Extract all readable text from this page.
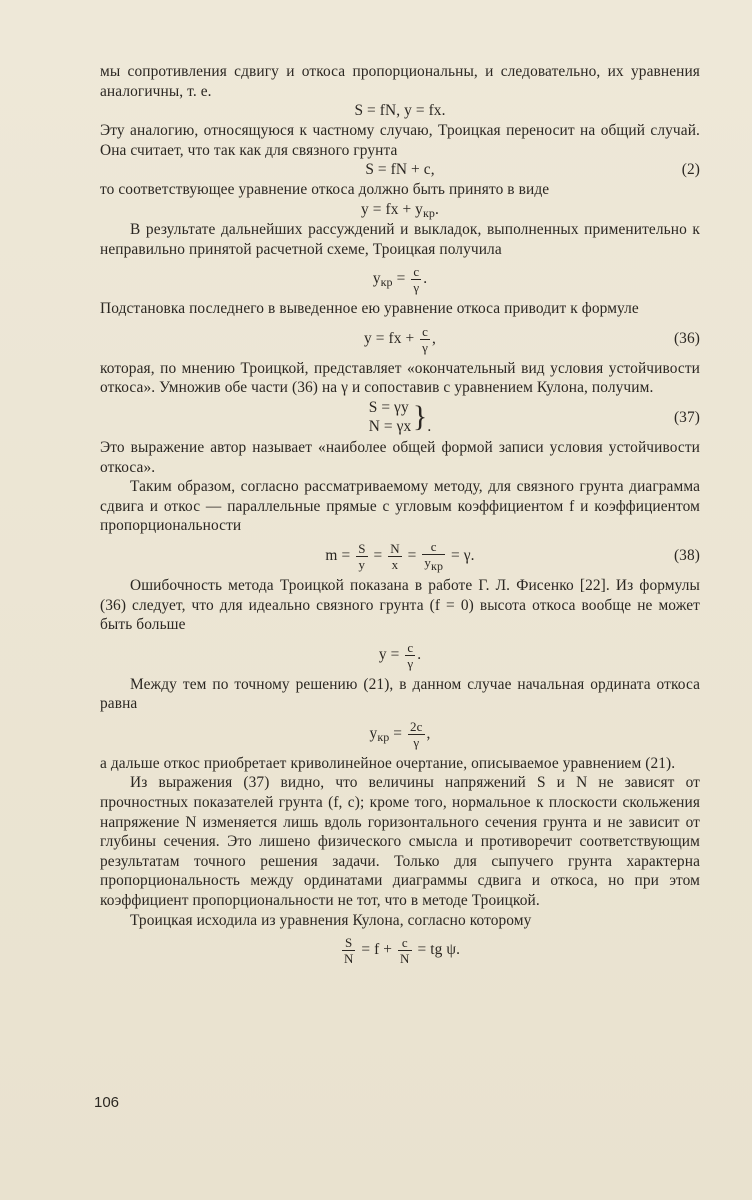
мы сопротивления сдвигу и откоса пропорциональны, и следовательно, их уравнения аналогичны, т. е.

S = fN, y = fx.

Эту аналогию, относящуюся к частному случаю, Троицкая переносит на общий случай. Она считает, что так как для связного грунта

S = fN + c,	(2)

то соответствующее уравнение откоса должно быть принято в виде

y = fx + $y_{кр}$.

В результате дальнейших рассуждений и выкладок, выполненных применительно к неправильно принятой расчетной схеме, Троицкая получила

$y_{кр} = \frac{c}{\gamma}$ .

Подстановка последнего в выведенное ею уравнение откоса приводит к формуле

y = fx + $\frac{c}{\gamma}$ ,	(36)

которая, по мнению Троицкой, представляет «окончательный вид условия устойчивости откоса». Умножив обе части (36) на γ и сопоставив с уравнением Кулона, получим.

S = γy
N = γx } .
(37)

Это выражение автор называет «наиболее общей формой записи условия устойчивости откоса».

Таким образом, согласно рассматриваемому методу, для связного грунта диаграмма сдвига и откос — параллельные прямые с угловым коэффициентом f и коэффициентом пропорциональности

$m = \frac{S}{y} = \frac{N}{x} = \frac{c}{\text{yкр}} = \gamma$.	(38)

Ошибочность метода Троицкой показана в работе Г. Л. Фисенко [22]. Из формулы (36) следует, что для идеально связного грунта (f = 0) высота откоса вообще не может быть больше

$y = \frac{c}{\gamma}$ .

Между тем по точному решению (21), в данном случае начальная ордината откоса равна

$y_{кр} = \frac{2c}{\gamma}$ ,

а дальше откос приобретает криволинейное очертание, описываемое уравнением (21).

Из выражения (37) видно, что величины напряжений S и N не зависят от прочностных показателей грунта (f, c); кроме того, нормальное к плоскости скольжения напряжение N изменяется лишь вдоль горизонтального сечения грунта и не зависит от глубины сечения. Это лишено физического смысла и противоречит соответствующим результатам точного решения задачи. Только для сыпучего грунта характерна пропорциональность между ординатами диаграммы сдвига и откоса, но при этом коэффициент пропорциональности не тот, что в методе Троицкой.

Троицкая исходила из уравнения Кулона, согласно которому

$\frac{S}{N} = f + \frac{c}{N}$ = tg ψ.
106
